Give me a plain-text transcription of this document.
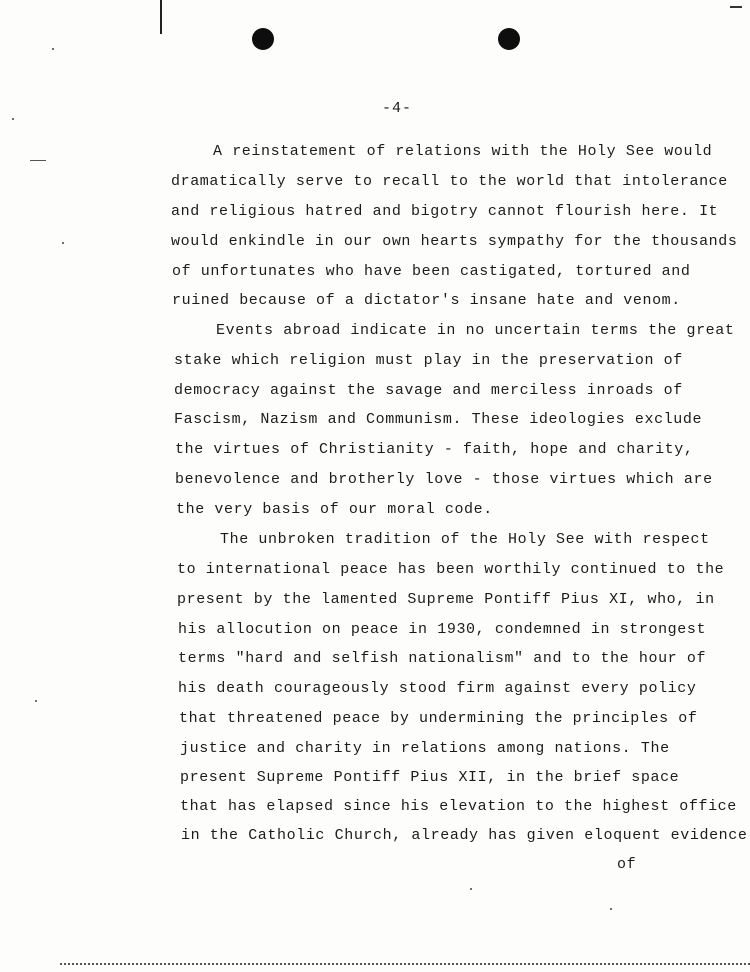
-4-
A reinstatement of relations with the Holy See would
dramatically serve to recall to the world that intolerance
and religious hatred and bigotry cannot flourish here. It
would enkindle in our own hearts sympathy for the thousands
of unfortunates who have been castigated, tortured and
ruined because of a dictator's insane hate and venom.
Events abroad indicate in no uncertain terms the great
stake which religion must play in the preservation of
democracy against the savage and merciless inroads of
Fascism, Nazism and Communism. These ideologies exclude
the virtues of Christianity - faith, hope and charity,
benevolence and brotherly love - those virtues which are
the very basis of our moral code.
The unbroken tradition of the Holy See with respect
to international peace has been worthily continued to the
present by the lamented Supreme Pontiff Pius XI, who, in
his allocution on peace in 1930, condemned in strongest
terms "hard and selfish nationalism" and to the hour of
his death courageously stood firm against every policy
that threatened peace by undermining the principles of
justice and charity in relations among nations. The
present Supreme Pontiff Pius XII, in the brief space
that has elapsed since his elevation to the highest office
in the Catholic Church, already has given eloquent evidence
of
